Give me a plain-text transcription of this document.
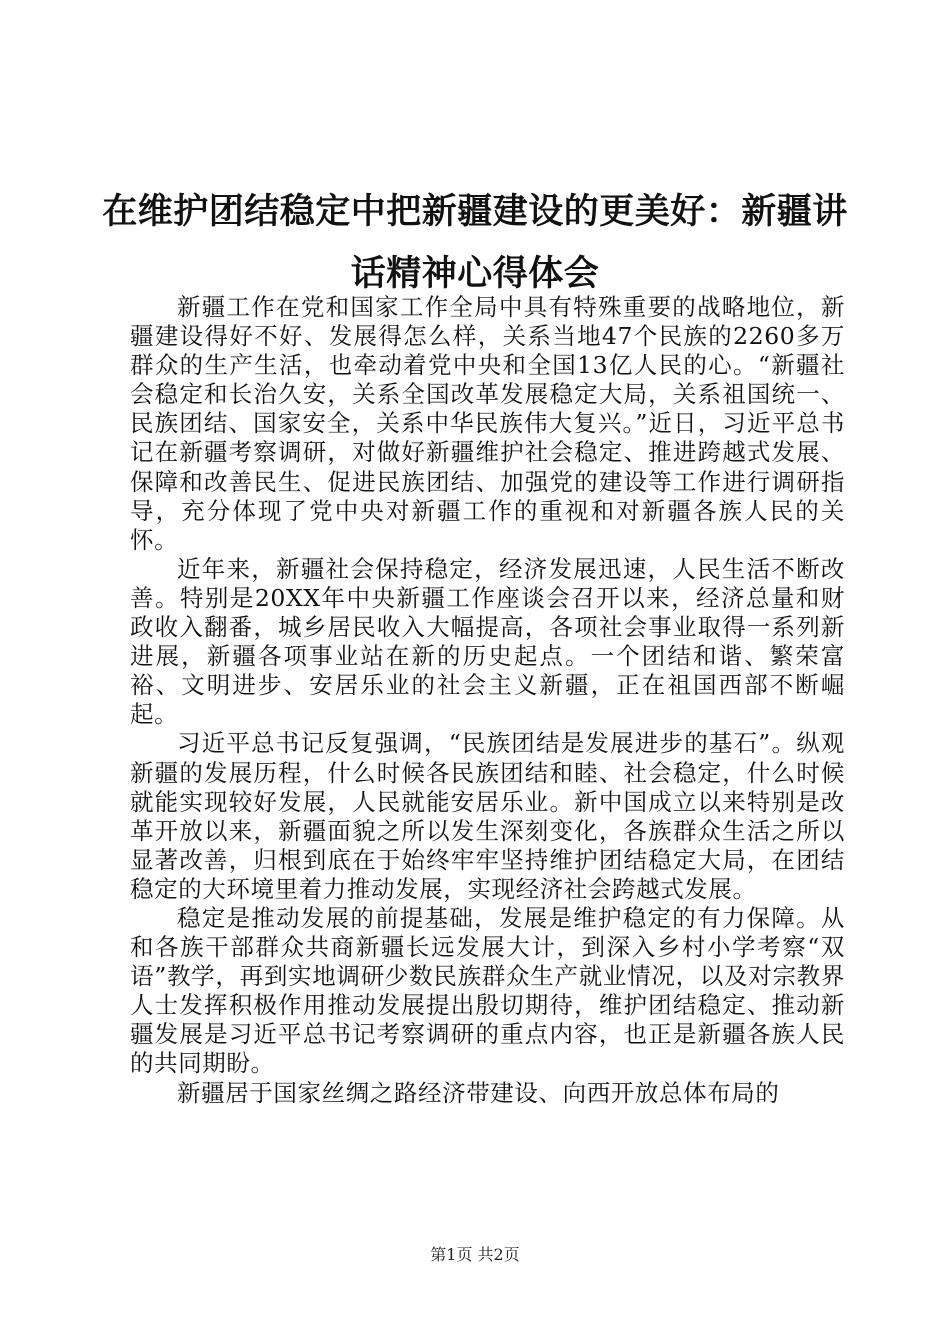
在维护团结稳定中把新疆建设的更美好：新疆讲话精神心得体会

新疆工作在党和国家工作全局中具有特殊重要的战略地位，新疆建设得好不好、发展得怎么样，关系当地47个民族的2260多万群众的生产生活，也牵动着党中央和全国13亿人民的心。“新疆社会稳定和长治久安，关系全国改革发展稳定大局，关系祖国统一、民族团结、国家安全，关系中华民族伟大复兴。”近日，习近平总书记在新疆考察调研，对做好新疆维护社会稳定、推进跨越式发展、保障和改善民生、促进民族团结、加强党的建设等工作进行调研指导，充分体现了党中央对新疆工作的重视和对新疆各族人民的关怀。

近年来，新疆社会保持稳定，经济发展迅速，人民生活不断改善。特别是20XX年中央新疆工作座谈会召开以来，经济总量和财政收入翻番，城乡居民收入大幅提高，各项社会事业取得一系列新进展，新疆各项事业站在新的历史起点。一个团结和谐、繁荣富裕、文明进步、安居乐业的社会主义新疆，正在祖国西部不断崛起。

习近平总书记反复强调，“民族团结是发展进步的基石”。纵观新疆的发展历程，什么时候各民族团结和睦、社会稳定，什么时候就能实现较好发展，人民就能安居乐业。新中国成立以来特别是改革开放以来，新疆面貌之所以发生深刻变化，各族群众生活之所以显著改善，归根到底在于始终牢牢坚持维护团结稳定大局，在团结稳定的大环境里着力推动发展，实现经济社会跨越式发展。

稳定是推动发展的前提基础，发展是维护稳定的有力保障。从和各族干部群众共商新疆长远发展大计，到深入乡村小学考察“双语”教学，再到实地调研少数民族群众生产就业情况，以及对宗教界人士发挥积极作用推动发展提出殷切期待，维护团结稳定、推动新疆发展是习近平总书记考察调研的重点内容，也正是新疆各族人民的共同期盼。

新疆居于国家丝绸之路经济带建设、向西开放总体布局的

第1页 共2页
